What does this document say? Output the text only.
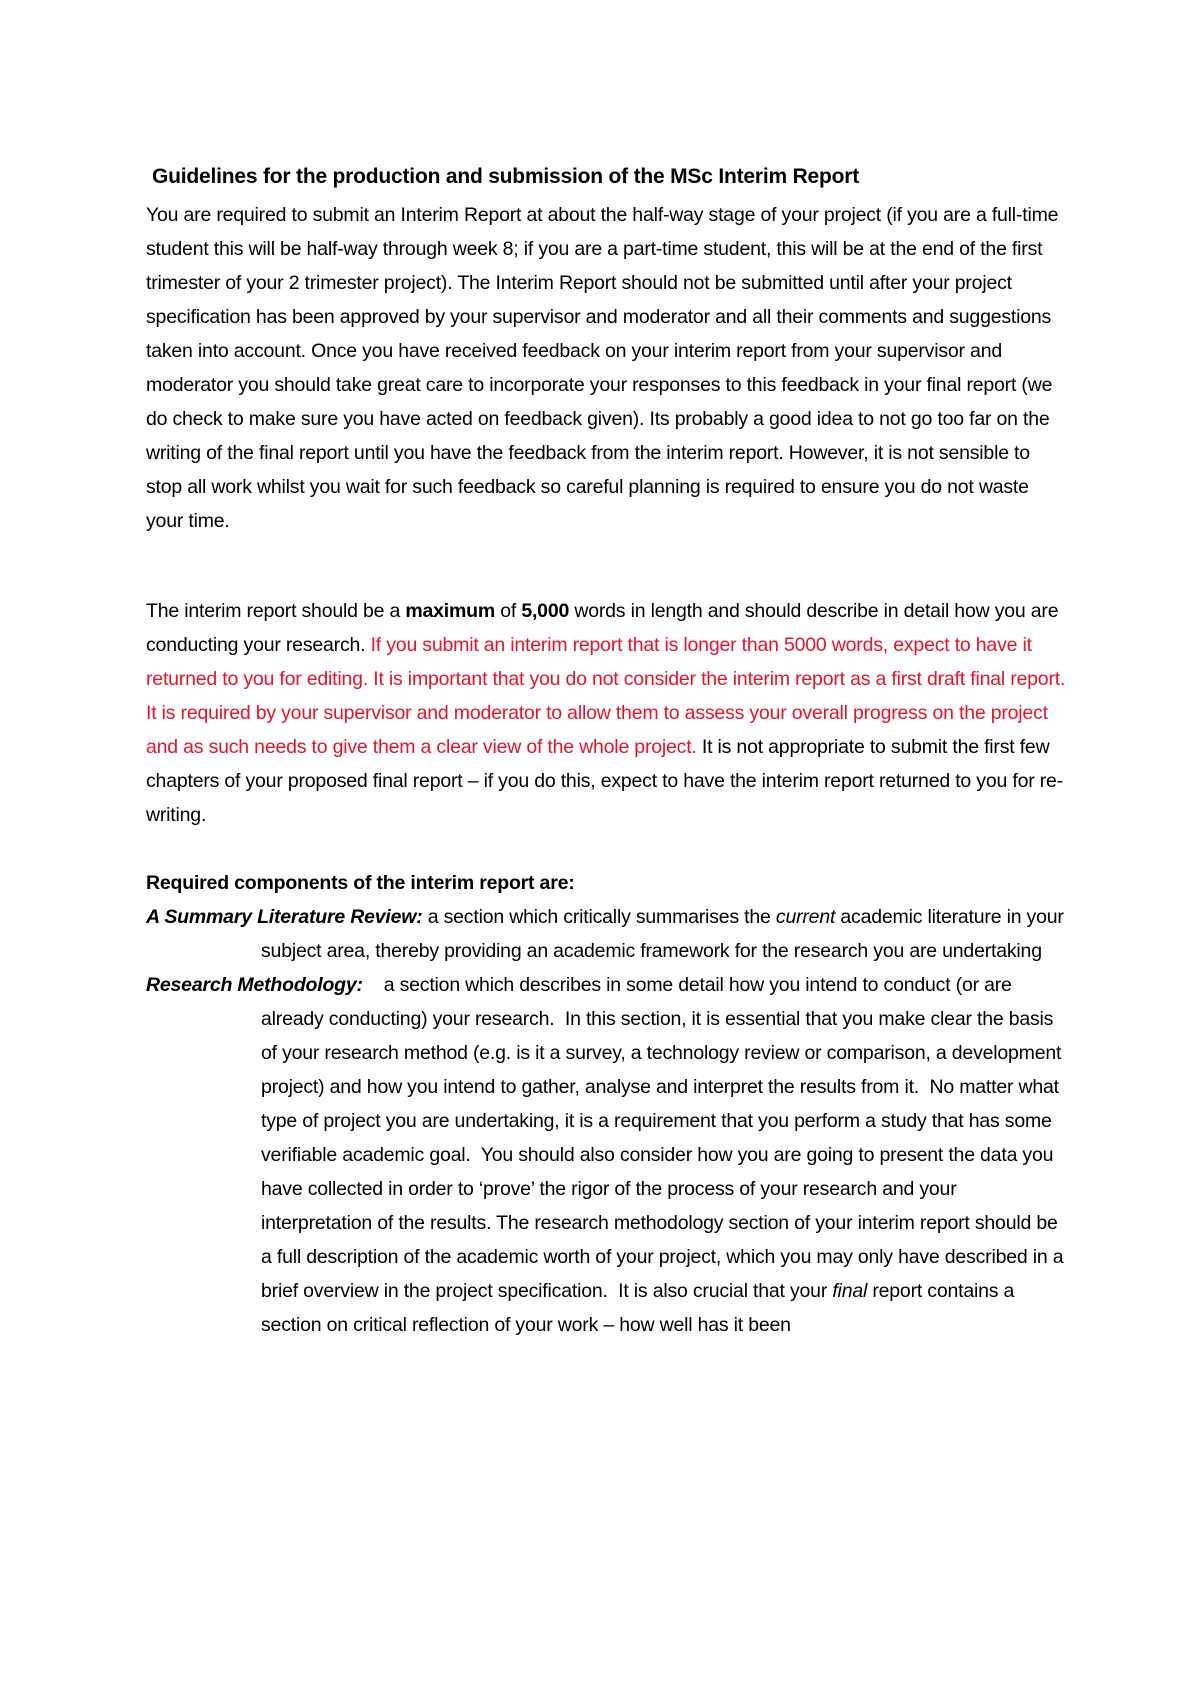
Guidelines for the production and submission of the MSc Interim Report

You are required to submit an Interim Report at about the half-way stage of your project (if you are a full-time student this will be half-way through week 8; if you are a part-time student, this will be at the end of the first trimester of your 2 trimester project). The Interim Report should not be submitted until after your project specification has been approved by your supervisor and moderator and all their comments and suggestions taken into account. Once you have received feedback on your interim report from your supervisor and moderator you should take great care to incorporate your responses to this feedback in your final report (we do check to make sure you have acted on feedback given). Its probably a good idea to not go too far on the writing of the final report until you have the feedback from the interim report. However, it is not sensible to stop all work whilst you wait for such feedback so careful planning is required to ensure you do not waste your time.

The interim report should be a maximum of 5,000 words in length and should describe in detail how you are conducting your research. If you submit an interim report that is longer than 5000 words, expect to have it returned to you for editing. It is important that you do not consider the interim report as a first draft final report. It is required by your supervisor and moderator to allow them to assess your overall progress on the project and as such needs to give them a clear view of the whole project. It is not appropriate to submit the first few chapters of your proposed final report – if you do this, expect to have the interim report returned to you for re-writing.

Required components of the interim report are:

A Summary Literature Review: a section which critically summarises the current academic literature in your subject area, thereby providing an academic framework for the research you are undertaking

Research Methodology:    a section which describes in some detail how you intend to conduct (or are already conducting) your research.  In this section, it is essential that you make clear the basis of your research method (e.g. is it a survey, a technology review or comparison, a development project) and how you intend to gather, analyse and interpret the results from it.  No matter what type of project you are undertaking, it is a requirement that you perform a study that has some verifiable academic goal.  You should also consider how you are going to present the data you have collected in order to ‘prove’ the rigor of the process of your research and your interpretation of the results. The research methodology section of your interim report should be a full description of the academic worth of your project, which you may only have described in a brief overview in the project specification.  It is also crucial that your final report contains a section on critical reflection of your work – how well has it been
